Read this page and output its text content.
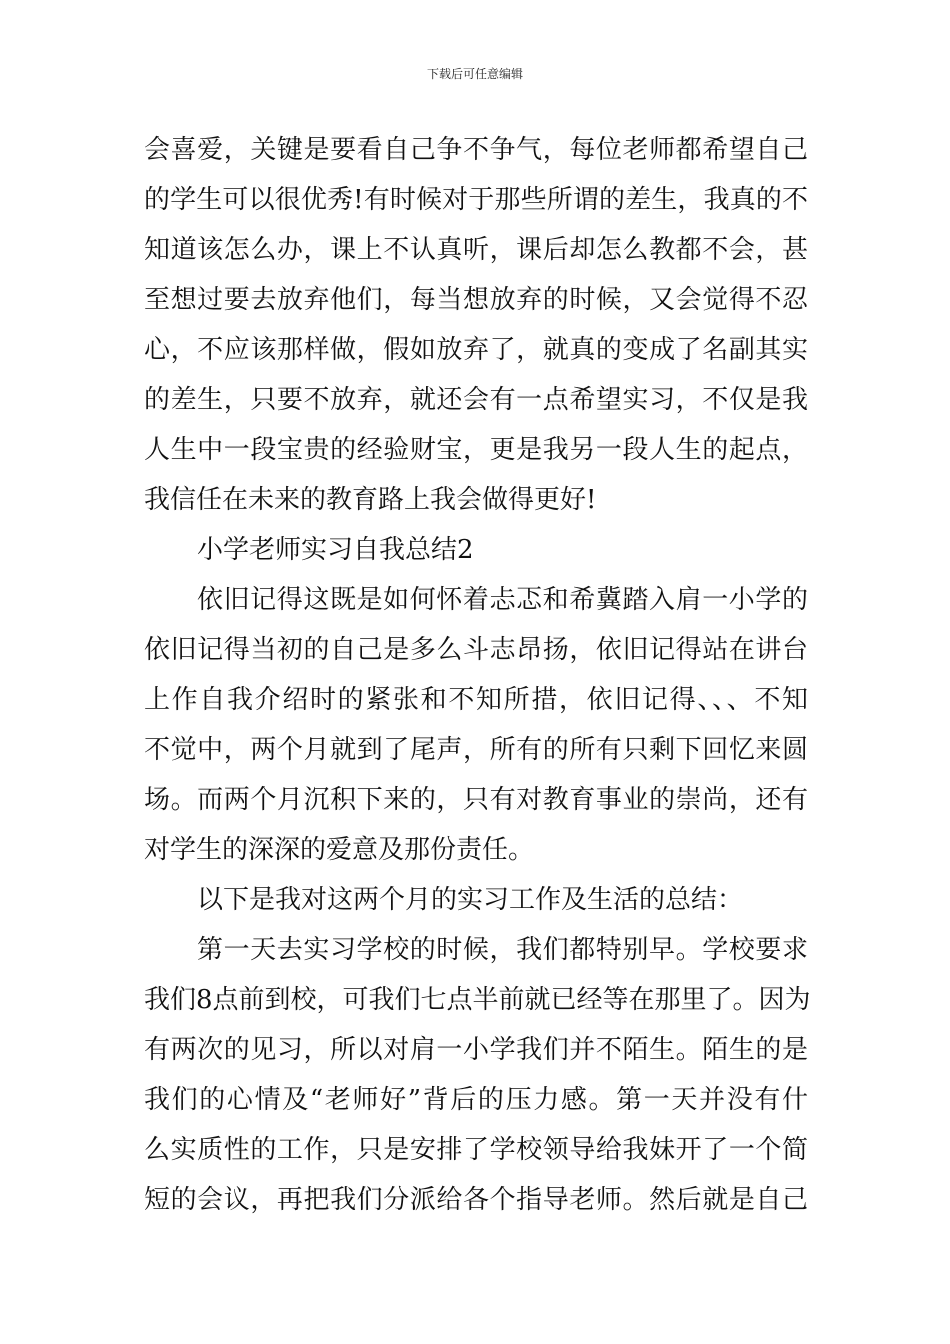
下载后可任意编辑
会喜爱，关键是要看自己争不争气，每位老师都希望自己
的学生可以很优秀!有时候对于那些所谓的差生，我真的不
知道该怎么办，课上不认真听，课后却怎么教都不会，甚
至想过要去放弃他们，每当想放弃的时候，又会觉得不忍
心，不应该那样做，假如放弃了，就真的变成了名副其实
的差生，只要不放弃，就还会有一点希望实习，不仅是我
人生中一段宝贵的经验财宝，更是我另一段人生的起点，
我信任在未来的教育路上我会做得更好!
小学老师实习自我总结2
依旧记得这既是如何怀着忐忑和希冀踏入肩一小学的
依旧记得当初的自己是多么斗志昂扬，依旧记得站在讲台
上作自我介绍时的紧张和不知所措，依旧记得、、、不知
不觉中，两个月就到了尾声，所有的所有只剩下回忆来圆
场。而两个月沉积下来的，只有对教育事业的崇尚，还有
对学生的深深的爱意及那份责任。
以下是我对这两个月的实习工作及生活的总结：
第一天去实习学校的时候，我们都特别早。学校要求
我们8点前到校，可我们七点半前就已经等在那里了。因为
有两次的见习，所以对肩一小学我们并不陌生。陌生的是
我们的心情及“老师好”背后的压力感。第一天并没有什
么实质性的工作，只是安排了学校领导给我妹开了一个简
短的会议，再把我们分派给各个指导老师。然后就是自己
